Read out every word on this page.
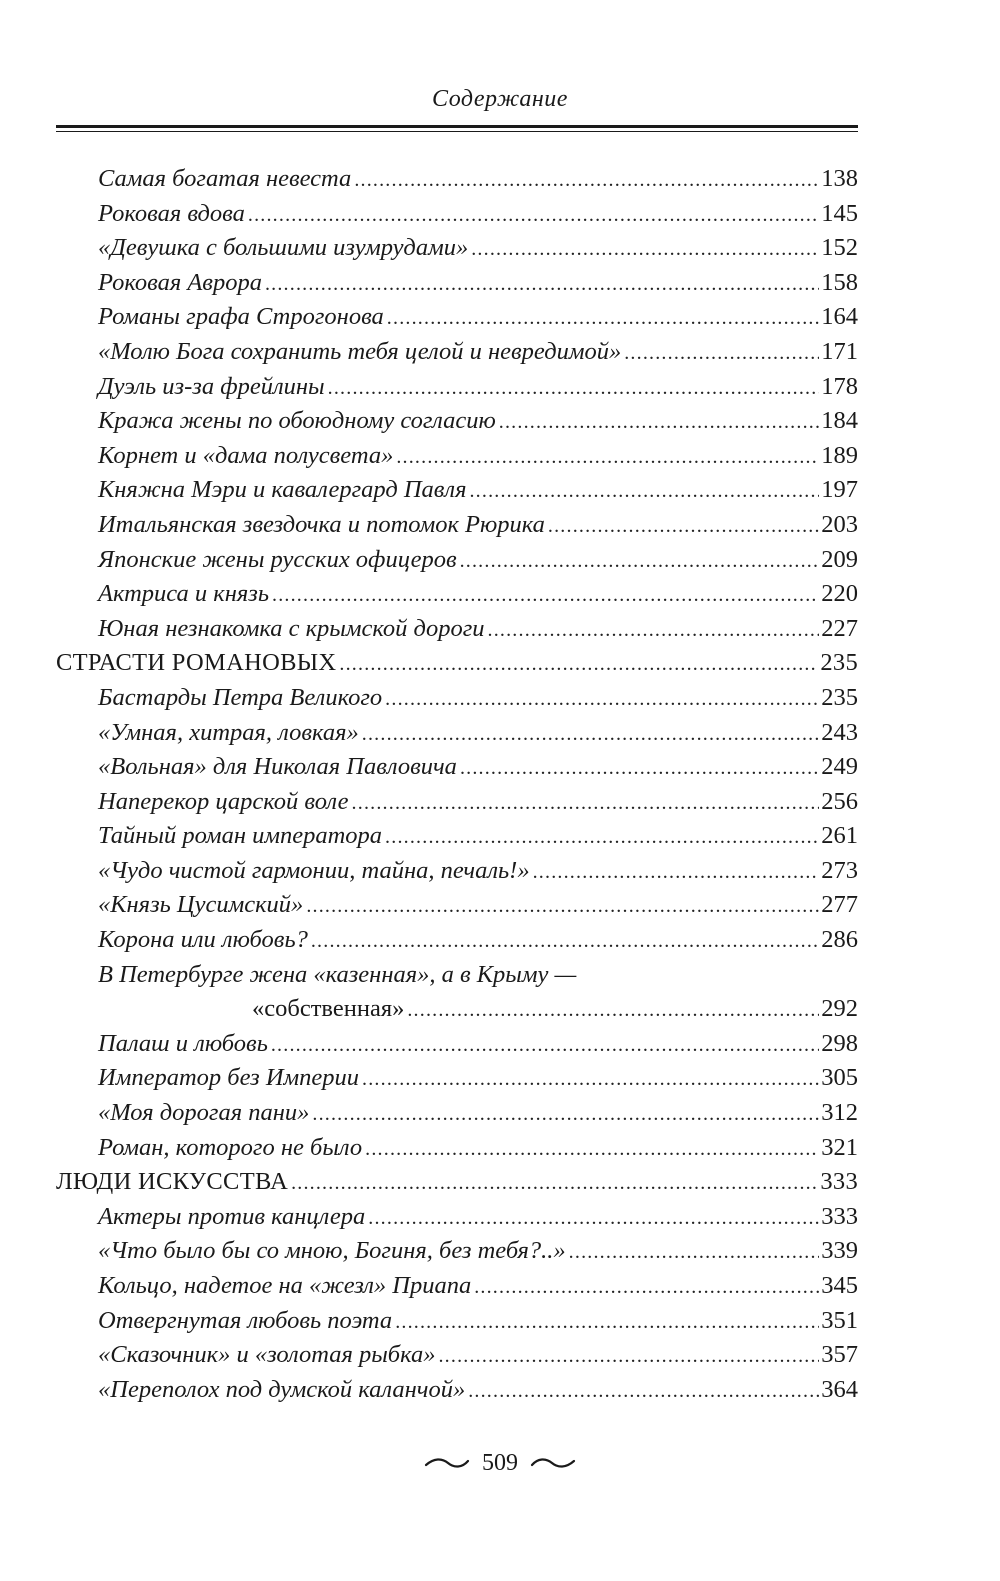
Содержание
Самая богатая невеста .....	138
Роковая вдова .....	145
«Девушка с большими изумрудами» .....	152
Роковая Аврора .....	158
Романы графа Строгонова .....	164
«Молю Бога сохранить тебя целой и невредимой» .....	171
Дуэль из-за фрейлины .....	178
Кража жены по обоюдному согласию .....	184
Корнет и «дама полусвета» .....	189
Княжна Мэри и кавалергард Павля .....	197
Итальянская звездочка и потомок Рюрика .....	203
Японские жены русских офицеров .....	209
Актриса и князь .....	220
Юная незнакомка с крымской дороги .....	227
СТРАСТИ РОМАНОВЫХ .....	235
Бастарды Петра Великого .....	235
«Умная, хитрая, ловкая» .....	243
«Вольная» для Николая Павловича .....	249
Наперекор царской воле .....	256
Тайный роман императора .....	261
«Чудо чистой гармонии, тайна, печаль!» .....	273
«Князь Цусимский» .....	277
Корона или любовь? .....	286
В Петербурге жена «казенная», а в Крыму —
«собственная» .....	292
Палаш и любовь .....	298
Император без Империи .....	305
«Моя дорогая пани» .....	312
Роман, которого не было .....	321
ЛЮДИ ИСКУССТВА .....	333
Актеры против канцлера .....	333
«Что было бы со мною, Богиня, без тебя?..» .....	339
Кольцо, надетое на «жезл» Приапа .....	345
Отвергнутая любовь поэта .....	351
«Сказочник» и «золотая рыбка» .....	357
«Переполох под думской каланчой» .....	364
509
